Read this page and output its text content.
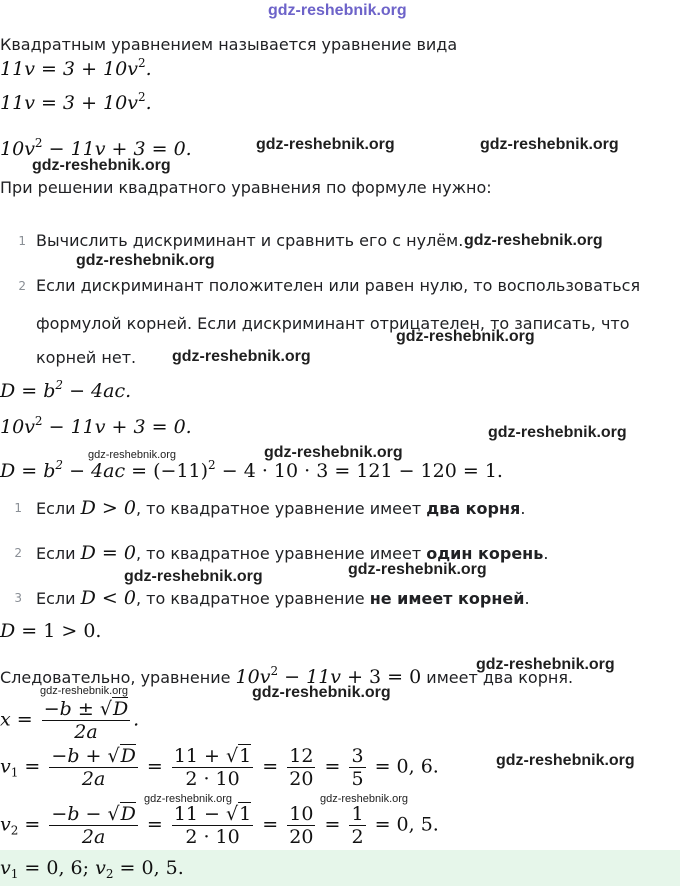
gdz-reshebnik.org
Квадратным уравнением называется уравнение вида
$11v = 3 + 10v^2$.
$11v = 3 + 10v^2$.
$10v^2 - 11v + 3 = 0$.
При решении квадратного уравнения по формуле нужно:
1 Вычислить дискриминант и сравнить его с нулём.
2 Если дискриминант положителен или равен нулю, то воспользоваться
формулой корней. Если дискриминант отрицателен, то записать, что
корней нет.
$D = b^2 - 4ac$.
$10v^2 - 11v + 3 = 0$.
$D = b^2 - 4ac = (-11)^2 - 4 \cdot 10 \cdot 3 = 121 - 120 = 1$.
1 Если D > 0, то квадратное уравнение имеет два корня.
2 Если D = 0, то квадратное уравнение имеет один корень.
3 Если D < 0, то квадратное уравнение не имеет корней.
D = 1 > 0.
Следовательно, уравнение $10v^2 - 11v + 3 = 0$ имеет два корня.
$x = \frac{-b \pm √D}{2a}$ .
$v_1 = \frac{-b + √D}{2a} = \frac{11 + √1}{2 \cdot 10} = \frac{12}{20} = \frac{3}{5} = 0$, 6.
$v_2 = \frac{-b - √D}{2a} = \frac{11 - √1}{2 \cdot 10} = \frac{10}{20} = \frac{1}{2} = 0$, 5.
$v_1 = 0$, 6; $v_2 = 0$, 5.
gdz-reshebnik.org	gdz-reshebnik.org
gdz-reshebnik.org
gdz-reshebnik.org
gdz-reshebnik.org
gdz-reshebnik.org
gdz-reshebnik.org
gdz-reshebnik.org
gdz-reshebnik.org	gdz-reshebnik.org
gdz-reshebnik.org
gdz-reshebnik.org
gdz-reshebnik.org
gdz-reshebnik.org	gdz-reshebnik.org
gdz-reshebnik.org
gdz-reshebnik.org	gdz-reshebnik.org
